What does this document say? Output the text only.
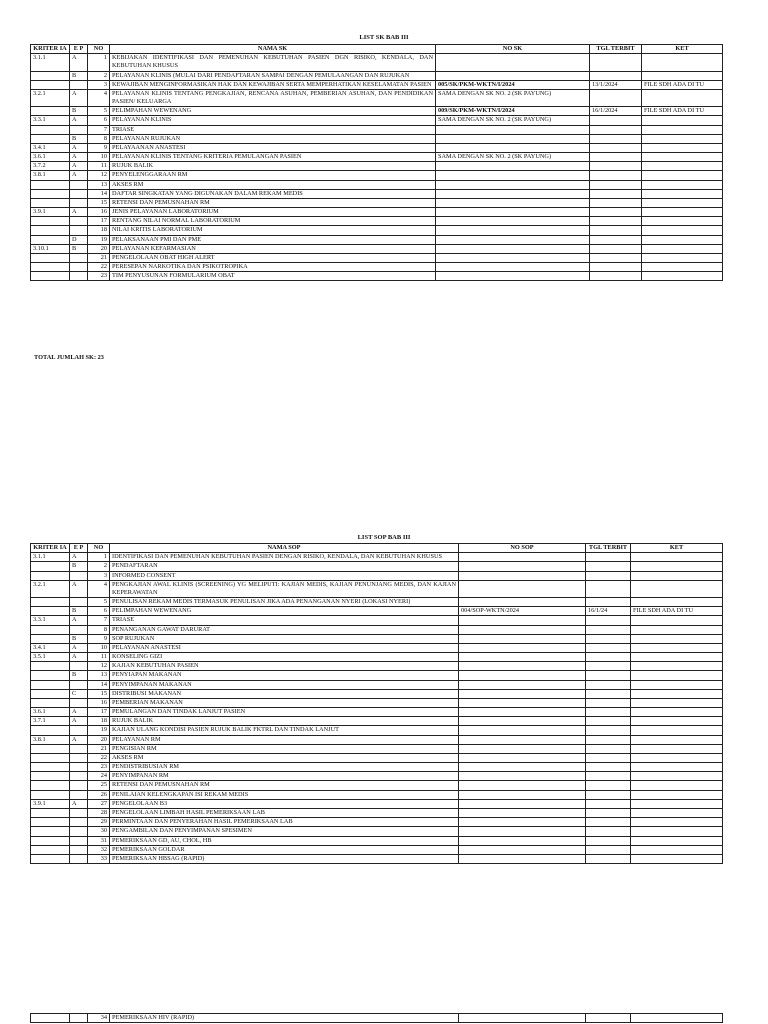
LIST SK BAB III
KRITER IA	E P	NO	NAMA SK	NO SK	TGL TERBIT	KET
3.1.1	A	1	KEBIJAKAN IDENTIFIKASI DAN PEMENUHAN KEBUTUHAN PASIEN DGN RISIKO, KENDALA, DAN KEBUTUHAN KHUSUS			
	B	2	PELAYANAN KLINIS (MULAI DARI PENDAFTARAN SAMPAI DENGAN PEMULAANGAN DAN RUJUKAN			
		3	KEWAJIBAN MENGINFORMASIKAN HAK DAN KEWAJIBAN SERTA MEMPERHATIKAN KESELAMATAN PASIEN	005/SK/PKM-WKTN/I/2024	13/1/2024	FILE SDH ADA DI TU
3.2.1	A	4	PELAYANAN KLINIS TENTANG PENGKAJIAN, RENCANA ASUHAN, PEMBERIAN ASUHAN, DAN PENDIDIKAN PASIEN/ KELUARGA	SAMA DENGAN SK NO. 2 (SK PAYUNG)		
	B	5	PELIMPAHAN WEWENANG	009/SK/PKM-WKTN/I/2024	16/1/2024	FILE SDH ADA DI TU
3.3.1	A	6	PELAYANAN KLINIS	SAMA DENGAN SK NO. 2 (SK PAYUNG)		
		7	TRIASE			
	B	8	PELAYANAN RUJUKAN			
3.4.1	A	9	PELAYAANAN ANASTESI			
3.6.1	A	10	PELAYANAN KLINIS TENTANG KRITERIA PEMULANGAN PASIEN	SAMA DENGAN SK NO. 2 (SK PAYUNG)		
3.7.2	A	11	RUJUK BALIK			
3.8.1	A	12	PENYELENGGARAAN RM			
		13	AKSES RM			
		14	DAFTAR SINGKATAN YANG DIGUNAKAN DALAM REKAM MEDIS			
		15	RETENSI DAN PEMUSNAHAN RM			
3.9.1	A	16	JENIS PELAYANAN LABORATORIUM			
		17	RENTANG NILAI NORMAL LABORATORIUM			
		18	NILAI KRITIS LABORATORIUM			
	D	19	PELAKSANAAN PMI DAN PME			
3.10.1	B	20	PELAYANAN KEFARMASIAN			
		21	PENGELOLAAN OBAT HIGH ALERT			
		22	PERESEPAN NARKOTIKA DAN PSIKOTROPIKA			
		23	TIM PENYUSUNAN FORMULARIUM OBAT			
TOTAL JUMLAH SK: 23
LIST SOP BAB III
KRITER IA	E P	NO	NAMA SOP	NO SOP	TGL TERBIT	KET
3.1.1	A	1	IDENTIFIKASI DAN PEMENUHAN KEBUTUHAN PASIEN DENGAN RISIKO, KENDALA, DAN KEBUTUHAN KHUSUS			
	B	2	PENDAFTARAN			
		3	INFORMED CONSENT			
3.2.1	A	4	PENGKAJIAN AWAL KLINIS (SCREENING) YG MELIPUTI: KAJIAN MEDIS, KAJIAN PENUNJANG MEDIS, DAN KAJIAN KEPERAWATAN			
		5	PENULISAN REKAM MEDIS TERMASUK PENULISAN JIKA ADA PENANGANAN NYERI (LOKASI NYERI)			
	B	6	PELIMPAHAN WEWENANG	004/SOP-WKTN/2024	16/1/24	FILE SDH ADA DI TU
3.3.1	A	7	TRIASE			
		8	PENANGANAN GAWAT DARURAT			
	B	9	SOP RUJUKAN			
3.4.1	A	10	PELAYANAN ANASTESI			
3.5.1	A	11	KONSELING GIZI			
		12	KAJIAN KEBUTUHAN PASIEN			
	B	13	PENYIAPAN MAKANAN			
		14	PENYIMPANAN MAKANAN			
	C	15	DISTRIBUSI MAKANAN			
		16	PEMBERIAN MAKANAN			
3.6.1	A	17	PEMULANGAN DAN TINDAK LANJUT PASIEN			
3.7.1	A	18	RUJUK BALIK			
		19	KAJIAN ULANG KONDISI PASIEN RUJUK BALIK FKTRL DAN TINDAK LANJUT			
3.8.1	A	20	PELAYANAN RM			
		21	PENGISIAN RM			
		22	AKSES RM			
		23	PENDISTRIBUSIAN RM			
		24	PENYIMPANAN RM			
		25	RETENSI DAN PEMUSNAHAN RM			
		26	PENILAIAN KELENGKAPAN ISI REKAM MEDIS			
3.9.1	A	27	PENGELOLAAN B3			
		28	PENGELOLAAN LIMBAH HASIL PEMERIKSAAN LAB			
		29	PERMINTAAN DAN PENYERAHAN HASIL PEMERIKSAAN LAB			
		30	PENGAMBILAN DAN PENYIMPANAN SPESIMEN			
		31	PEMERIKSAAN GD, AU, CHOL, HB			
		32	PEMERIKSAAN GOLDAR			
		33	PEMERIKSAAN HBSAG (RAPID)			
		34	PEMERIKSAAN HIV (RAPID)			
